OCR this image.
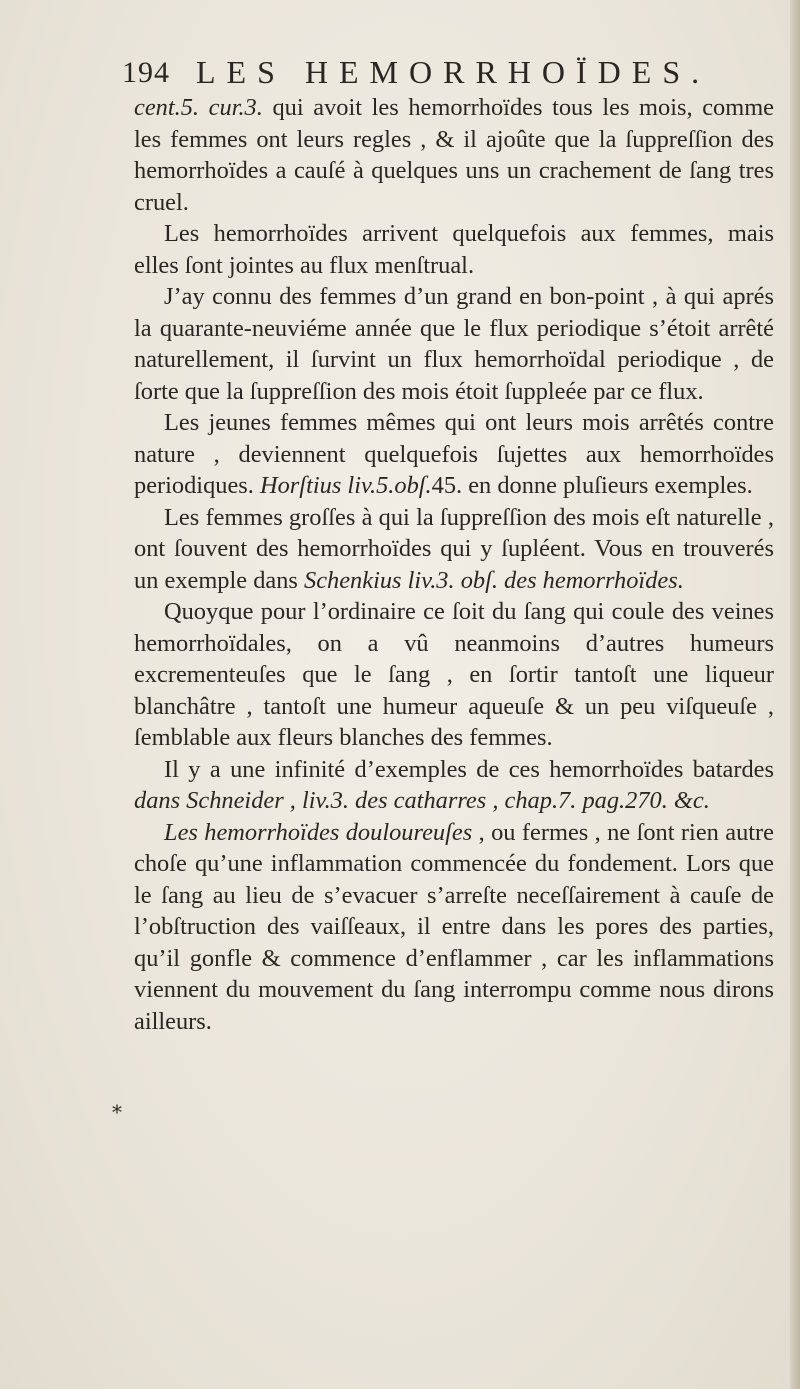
194 LES HEMORRHOÏDES.

cent.5. cur.3. qui avoit les hemorrhoïdes tous les mois, comme les femmes ont leurs regles , & il ajoûte que la ſuppreſſion des hemorrhoïdes a cauſé à quelques uns un crachement de ſang tres cruel.

Les hemorrhoïdes arrivent quelquefois aux femmes, mais elles ſont jointes au flux menſtrual.

J’ay connu des femmes d’un grand en bon-point , à qui aprés la quarante-neuviéme année que le flux periodique s’étoit arrêté naturellement, il ſurvint un flux hemorrhoïdal periodique , de ſorte que la ſuppreſſion des mois étoit ſuppleée par ce flux.

Les jeunes femmes mêmes qui ont leurs mois arrêtés contre nature , deviennent quelquefois ſujettes aux hemorrhoïdes periodiques. Horſtius liv.5.obſ.45. en donne pluſieurs exemples.

Les femmes groſſes à qui la ſuppreſſion des mois eſt naturelle , ont ſouvent des hemorrhoïdes qui y ſupléent. Vous en trouverés un exemple dans Schenkius liv.3. obſ. des hemorrhoïdes.

Quoyque pour l’ordinaire ce ſoit du ſang qui coule des veines hemorrhoïdales, on a vû neanmoins d’autres humeurs excrementeuſes que le ſang , en ſortir tantoſt une liqueur blanchâtre , tantoſt une humeur aqueuſe & un peu viſqueuſe , ſemblable aux fleurs blanches des femmes.

Il y a une infinité d’exemples de ces hemorrhoïdes batardes dans Schneider , liv.3. des catharres , chap.7. pag.270. &c.

Les hemorrhoïdes douloureuſes , ou fermes , ne ſont rien autre choſe qu’une inflammation commencée du fondement. Lors que le ſang au lieu de s’evacuer s’arreſte neceſſairement à cauſe de l’obſtruction des vaiſſeaux, il entre dans les pores des parties, qu’il gonfle & commence d’enflammer , car les inflammations viennent du mouvement du ſang interrompu comme nous dirons ailleurs.

*
